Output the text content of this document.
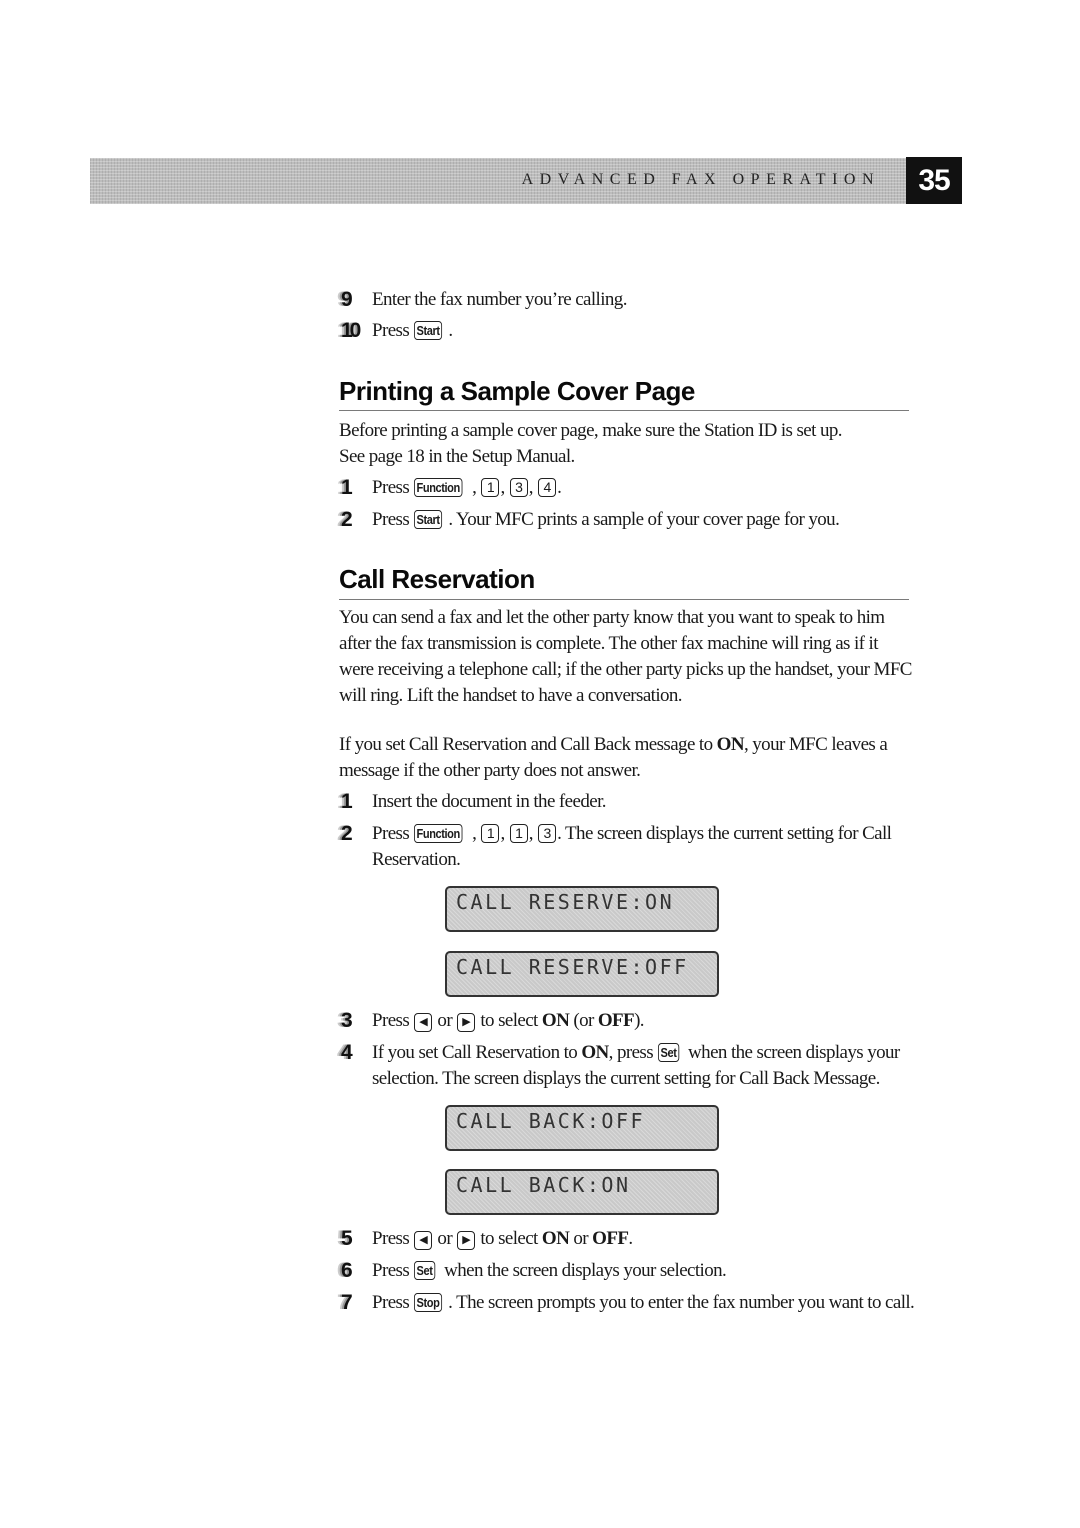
ADVANCED FAX OPERATION	35
9	Enter the fax number you’re calling.
10 Press Start .
Printing a Sample Cover Page
Before printing a sample cover page, make sure the Station ID is set up.
See page 18 in the Setup Manual.
1	Press Function , 1 , 3 , 4 .
2	Press Start . Your MFC prints a sample of your cover page for you.
Call Reservation
You can send a fax and let the other party know that you want to speak to him
after the fax transmission is complete. The other fax machine will ring as if it
were receiving a telephone call; if the other party picks up the handset, your MFC
will ring. Lift the handset to have a conversation.
If you set Call Reservation and Call Back message to ON, your MFC leaves a
message if the other party does not answer.
1	Insert the document in the feeder.
2	Press Function , 1 , 1 , 3 . The screen displays the current setting for Call
Reservation.
CALL RESERVE:ON
CALL RESERVE:OFF
3	Press ◀ or ▶ to select ON (or OFF).
4	If you set Call Reservation to ON, press Set when the screen displays your
selection. The screen displays the current setting for Call Back Message.
CALL BACK:OFF
CALL BACK:ON
5	Press ◀ or ▶ to select ON or OFF.
6	Press Set when the screen displays your selection.
7	Press Stop . The screen prompts you to enter the fax number you want to call.
